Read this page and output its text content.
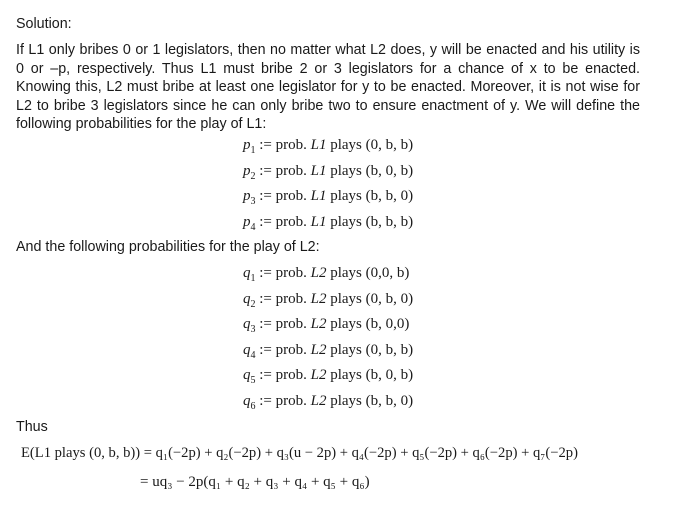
Solution:

If L1 only bribes 0 or 1 legislators, then no matter what L2 does, y will be enacted and his utility is 0 or –p, respectively. Thus L1 must bribe 2 or 3 legislators for a chance of x to be enacted. Knowing this, L2 must bribe at least one legislator for y to be enacted. Moreover, it is not wise for L2 to bribe 3 legislators since he can only bribe two to ensure enactment of y. We will define the following probabilities for the play of L1:

$p_1$ := prob. L1 plays (0, b, b)
$p_2$ := prob. L1 plays (b, 0, b)
$p_3$ := prob. L1 plays (b, b, 0)
$p_4$ := prob. L1 plays (b, b, b)
And the following probabilities for the play of L2:
$q_1$ := prob. L2 plays (0,0, b)
$q_2$ := prob. L2 plays (0, b, 0)
$q_3$ := prob. L2 plays (b, 0,0)
$q_4$ := prob. L2 plays (0, b, b)
$q_5$ := prob. L2 plays (b, 0, b)
$q_6$ := prob. L2 plays (b, b, 0)
Thus
E(L1 plays (0, b, b)) = q₁(−2p) + q₂(−2p) + q₃(u − 2p) + q₄(−2p) + q₅(−2p) + q₆(−2p) + q₇(−2p)
= uq₃ − 2p(q₁ + q₂ + q₃ + q₄ + q₅ + q₆)
